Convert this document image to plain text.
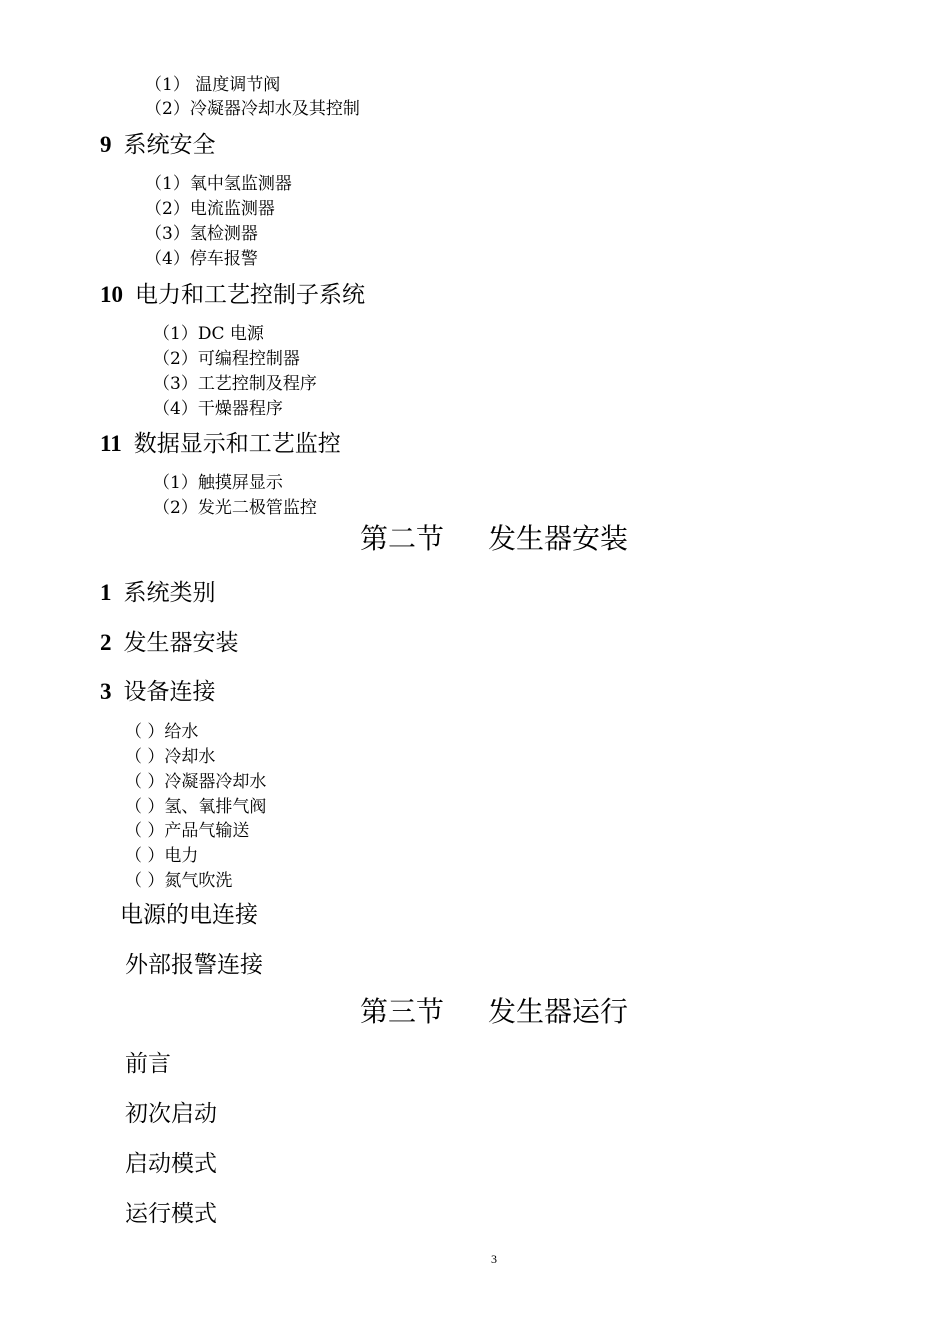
（1） 温度调节阀
（2）冷凝器冷却水及其控制
9 系统安全
（1）氧中氢监测器
（2）电流监测器
（3）氢检测器
（4）停车报警
10 电力和工艺控制子系统
（1）DC 电源
（2）可编程控制器
（3）工艺控制及程序
（4）干燥器程序
11 数据显示和工艺监控
（1）触摸屏显示
（2）发光二极管监控
第二节 发生器安装
1 系统类别
2 发生器安装
3 设备连接
（ ）给水
（ ）冷却水
（ ）冷凝器冷却水
（ ）氢、氧排气阀
（ ）产品气输送
（ ）电力
（ ）氮气吹洗
电源的电连接
外部报警连接
第三节 发生器运行
前言
初次启动
启动模式
运行模式
3
